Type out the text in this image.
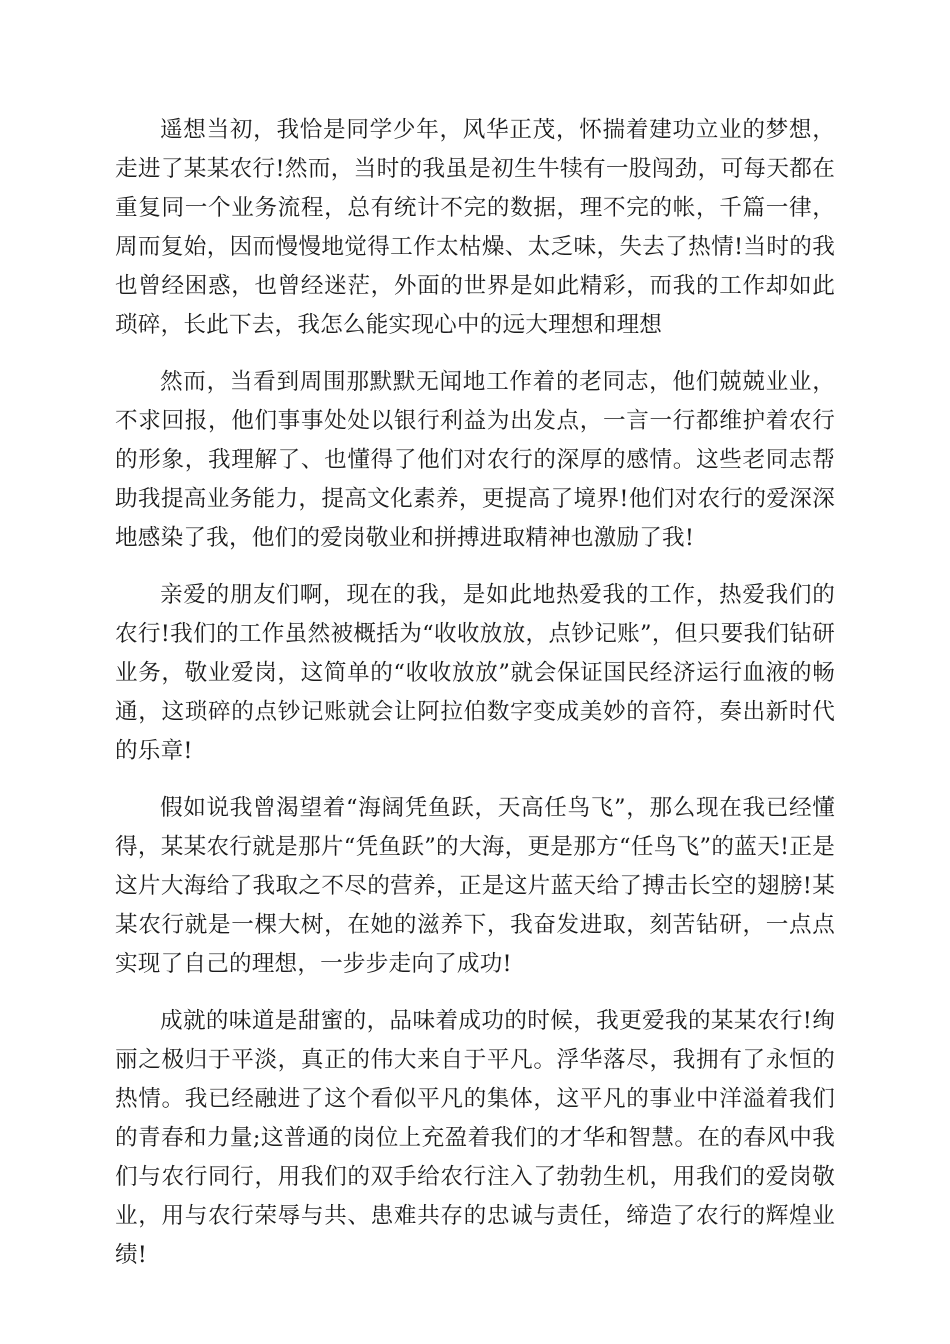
遥想当初，我恰是同学少年，风华正茂，怀揣着建功立业的梦想，走进了某某农行!然而，当时的我虽是初生牛犊有一股闯劲，可每天都在重复同一个业务流程，总有统计不完的数据，理不完的帐，千篇一律，周而复始，因而慢慢地觉得工作太枯燥、太乏味，失去了热情!当时的我也曾经困惑，也曾经迷茫，外面的世界是如此精彩，而我的工作却如此琐碎，长此下去，我怎么能实现心中的远大理想和理想

然而，当看到周围那默默无闻地工作着的老同志，他们兢兢业业，不求回报，他们事事处处以银行利益为出发点，一言一行都维护着农行的形象，我理解了、也懂得了他们对农行的深厚的感情。这些老同志帮助我提高业务能力，提高文化素养，更提高了境界!他们对农行的爱深深地感染了我，他们的爱岗敬业和拼搏进取精神也激励了我!

亲爱的朋友们啊，现在的我，是如此地热爱我的工作，热爱我们的农行!我们的工作虽然被概括为“收收放放，点钞记账”，但只要我们钻研业务，敬业爱岗，这简单的“收收放放”就会保证国民经济运行血液的畅通，这琐碎的点钞记账就会让阿拉伯数字变成美妙的音符，奏出新时代的乐章!

假如说我曾渴望着“海阔凭鱼跃，天高任鸟飞”，那么现在我已经懂得，某某农行就是那片“凭鱼跃”的大海，更是那方“任鸟飞”的蓝天!正是这片大海给了我取之不尽的营养，正是这片蓝天给了搏击长空的翅膀!某某农行就是一棵大树，在她的滋养下，我奋发进取，刻苦钻研，一点点实现了自己的理想，一步步走向了成功!

成就的味道是甜蜜的，品味着成功的时候，我更爱我的某某农行!绚丽之极归于平淡，真正的伟大来自于平凡。浮华落尽，我拥有了永恒的热情。我已经融进了这个看似平凡的集体，这平凡的事业中洋溢着我们的青春和力量;这普通的岗位上充盈着我们的才华和智慧。在的春风中我们与农行同行，用我们的双手给农行注入了勃勃生机，用我们的爱岗敬业，用与农行荣辱与共、患难共存的忠诚与责任，缔造了农行的辉煌业绩!
